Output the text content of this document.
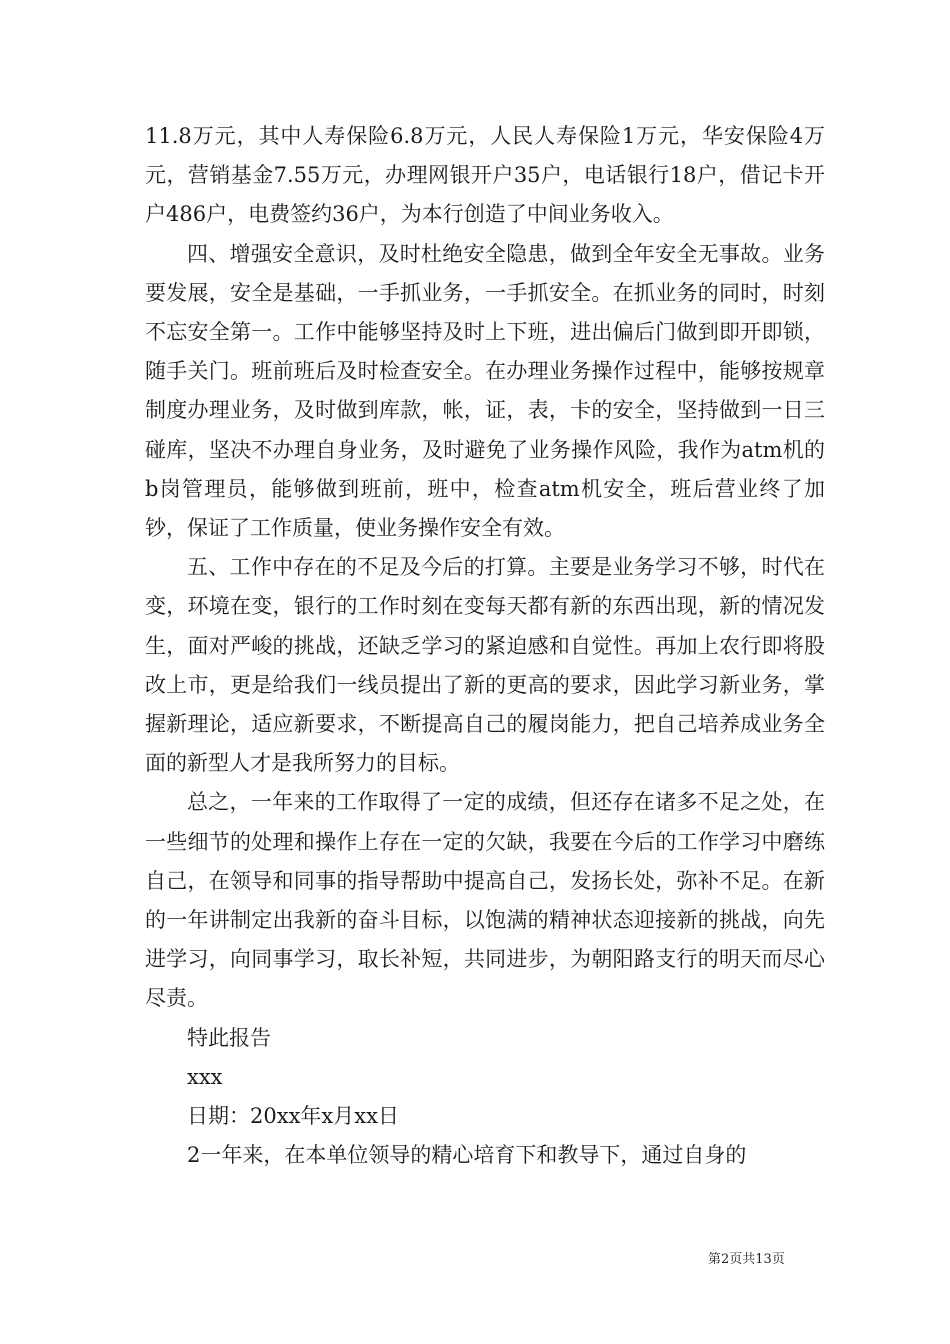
11.8万元，其中人寿保险6.8万元，人民人寿保险1万元，华安保险4万元，营销基金7.55万元，办理网银开户35户，电话银行18户，借记卡开户486户，电费签约36户，为本行创造了中间业务收入。

四、增强安全意识，及时杜绝安全隐患，做到全年安全无事故。业务要发展，安全是基础，一手抓业务，一手抓安全。在抓业务的同时，时刻不忘安全第一。工作中能够坚持及时上下班，进出偏后门做到即开即锁，随手关门。班前班后及时检查安全。在办理业务操作过程中，能够按规章制度办理业务，及时做到库款，帐，证，表，卡的安全，坚持做到一日三碰库，坚决不办理自身业务，及时避免了业务操作风险，我作为atm机的b岗管理员，能够做到班前，班中，检查atm机安全，班后营业终了加钞，保证了工作质量，使业务操作安全有效。

五、工作中存在的不足及今后的打算。主要是业务学习不够，时代在变，环境在变，银行的工作时刻在变每天都有新的东西出现，新的情况发生，面对严峻的挑战，还缺乏学习的紧迫感和自觉性。再加上农行即将股改上市，更是给我们一线员提出了新的更高的要求，因此学习新业务，掌握新理论，适应新要求，不断提高自己的履岗能力，把自己培养成业务全面的新型人才是我所努力的目标。

总之，一年来的工作取得了一定的成绩，但还存在诸多不足之处，在一些细节的处理和操作上存在一定的欠缺，我要在今后的工作学习中磨练自己，在领导和同事的指导帮助中提高自己，发扬长处，弥补不足。在新的一年讲制定出我新的奋斗目标，以饱满的精神状态迎接新的挑战，向先进学习，向同事学习，取长补短，共同进步，为朝阳路支行的明天而尽心尽责。

特此报告

xxx

日期：20xx年x月xx日

2一年来，在本单位领导的精心培育下和教导下，通过自身的

第2页共13页
